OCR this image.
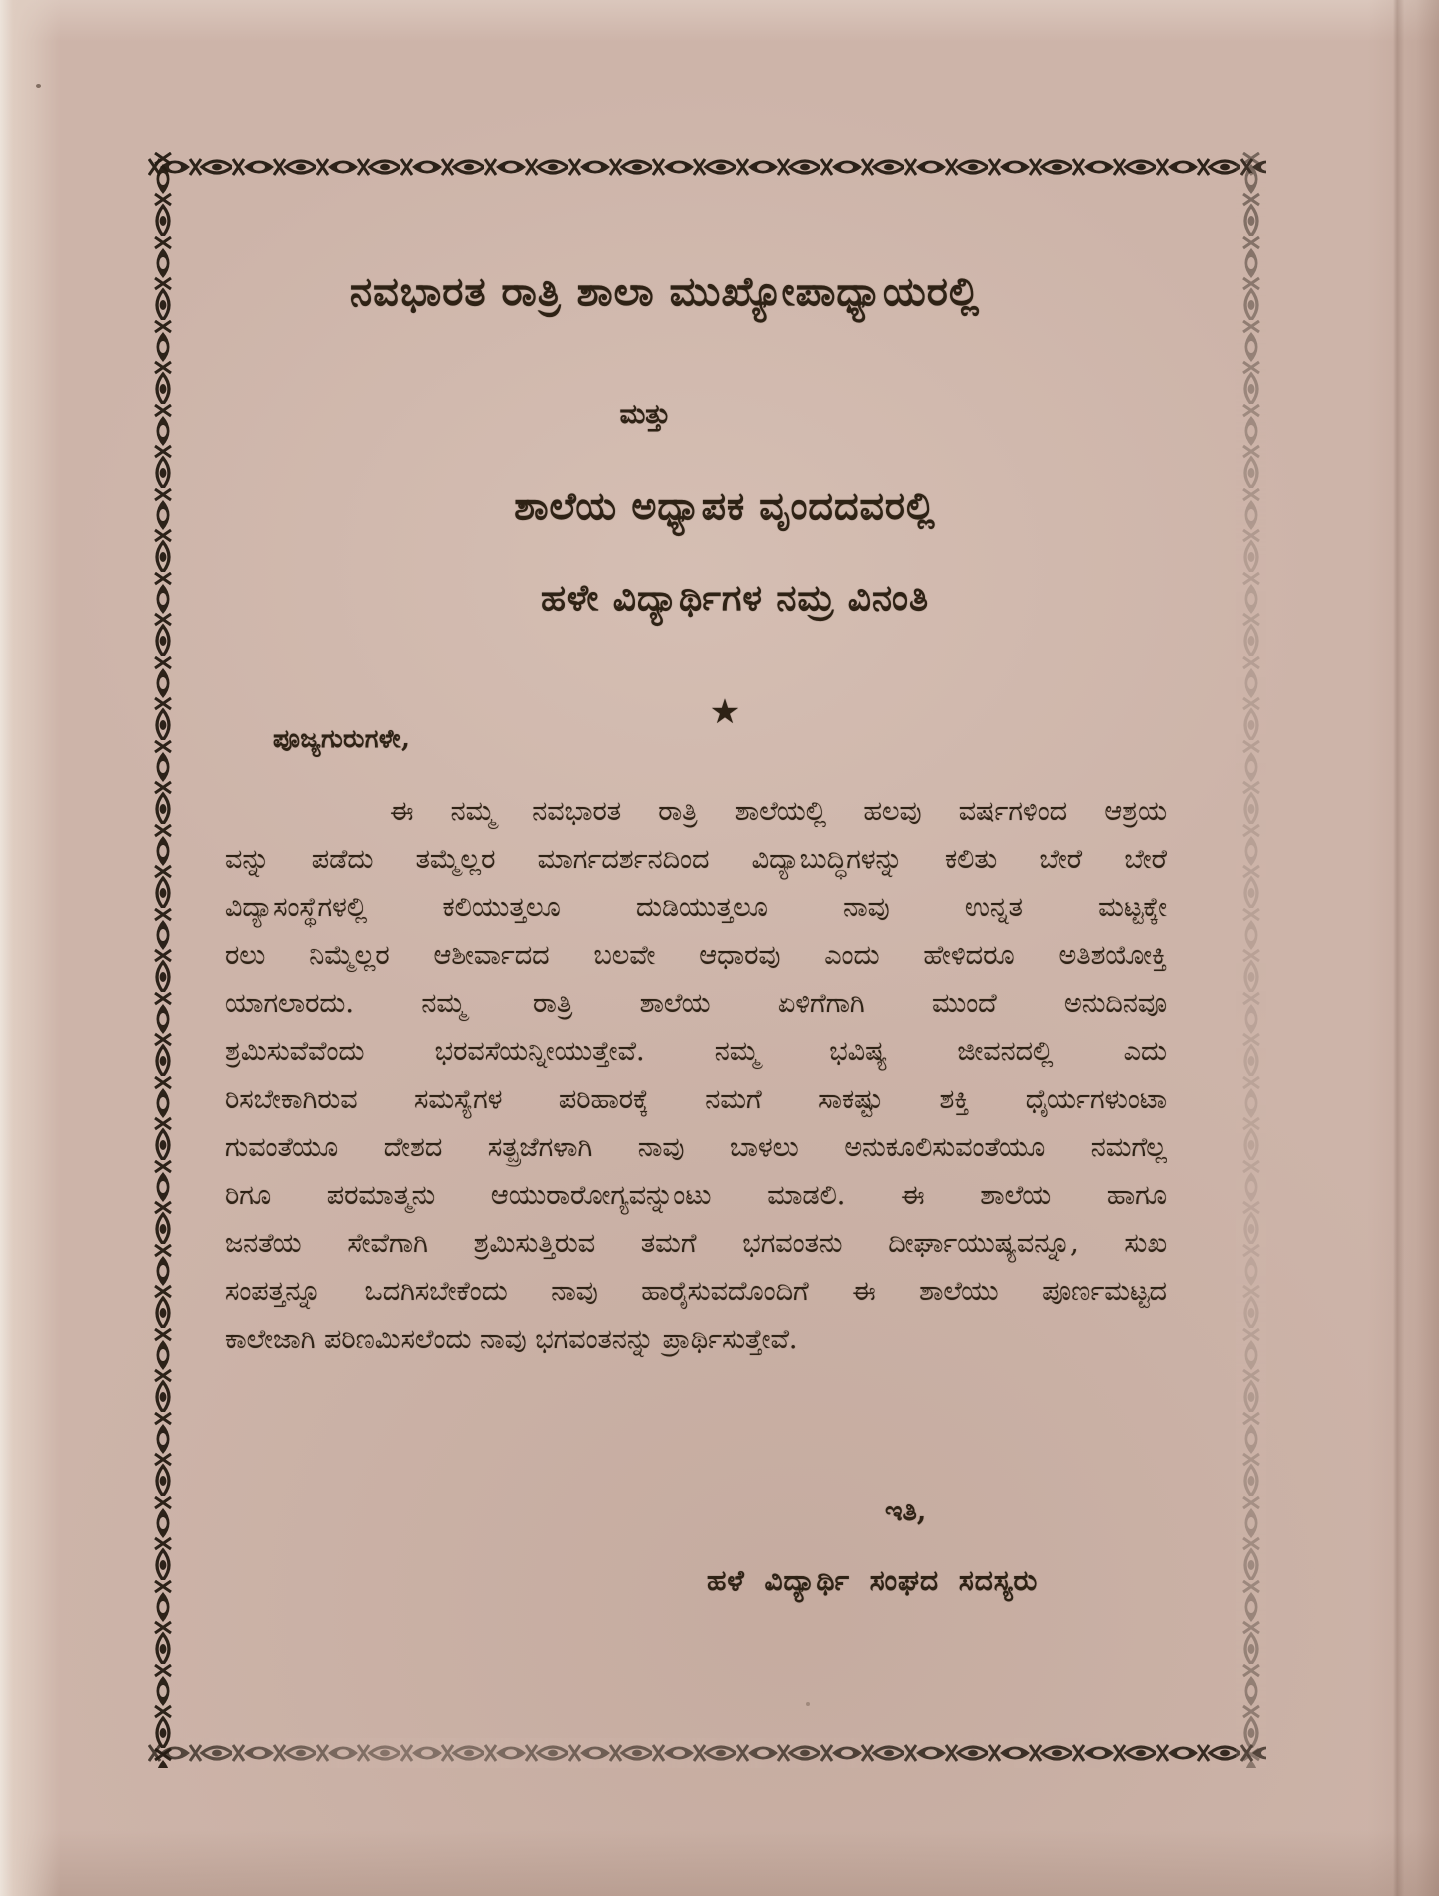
ನವಭಾರತ ರಾತ್ರಿ ಶಾಲಾ ಮುಖ್ಯೋಪಾಧ್ಯಾಯರಲ್ಲಿ
ಮತ್ತು
ಶಾಲೆಯ ಅಧ್ಯಾಪಕ ವೃಂದದವರಲ್ಲಿ
ಹಳೇ ವಿದ್ಯಾರ್ಥಿಗಳ ನಮ್ರ ವಿನಂತಿ
★
ಪೂಜ್ಯಗುರುಗಳೇ,
ಈ ನಮ್ಮ ನವಭಾರತ ರಾತ್ರಿ ಶಾಲೆಯಲ್ಲಿ ಹಲವು ವರ್ಷಗಳಿಂದ ಆಶ್ರಯ
ವನ್ನು ಪಡೆದು ತಮ್ಮೆಲ್ಲರ ಮಾರ್ಗದರ್ಶನದಿಂದ ವಿದ್ಯಾಬುದ್ಧಿಗಳನ್ನು ಕಲಿತು ಬೇರೆ ಬೇರೆ
ವಿದ್ಯಾಸಂಸ್ಥೆಗಳಲ್ಲಿ ಕಲಿಯುತ್ತಲೂ ದುಡಿಯುತ್ತಲೂ ನಾವು ಉನ್ನತ ಮಟ್ಟಕ್ಕೇ
ರಲು ನಿಮ್ಮೆಲ್ಲರ ಆಶೀರ್ವಾದದ ಬಲವೇ ಆಧಾರವು ಎಂದು ಹೇಳಿದರೂ ಅತಿಶಯೋಕ್ತಿ
ಯಾಗಲಾರದು. ನಮ್ಮ ರಾತ್ರಿ ಶಾಲೆಯ ಏಳಿಗೆಗಾಗಿ ಮುಂದೆ ಅನುದಿನವೂ
ಶ್ರಮಿಸುವೆವೆಂದು ಭರವಸೆಯನ್ನೀಯುತ್ತೇವೆ. ನಮ್ಮ ಭವಿಷ್ಯ ಜೀವನದಲ್ಲಿ ಎದು
ರಿಸಬೇಕಾಗಿರುವ ಸಮಸ್ಯೆಗಳ ಪರಿಹಾರಕ್ಕೆ ನಮಗೆ ಸಾಕಷ್ಟು ಶಕ್ತಿ ಧೈರ್ಯಗಳುಂಟಾ
ಗುವಂತೆಯೂ ದೇಶದ ಸತ್ಪ್ರಜೆಗಳಾಗಿ ನಾವು ಬಾಳಲು ಅನುಕೂಲಿಸುವಂತೆಯೂ ನಮಗೆಲ್ಲ
ರಿಗೂ ಪರಮಾತ್ಮನು ಆಯುರಾರೋಗ್ಯವನ್ನುಂಟು ಮಾಡಲಿ. ಈ ಶಾಲೆಯ ಹಾಗೂ
ಜನತೆಯ ಸೇವೆಗಾಗಿ ಶ್ರಮಿಸುತ್ತಿರುವ ತಮಗೆ ಭಗವಂತನು ದೀರ್ಘಾಯುಷ್ಯವನ್ನೂ, ಸುಖ
ಸಂಪತ್ತನ್ನೂ ಒದಗಿಸಬೇಕೆಂದು ನಾವು ಹಾರೈಸುವದೊಂದಿಗೆ ಈ ಶಾಲೆಯು ಪೂರ್ಣಮಟ್ಟದ
ಕಾಲೇಜಾಗಿ ಪರಿಣಮಿಸಲೆಂದು ನಾವು ಭಗವಂತನನ್ನು ಪ್ರಾರ್ಥಿಸುತ್ತೇವೆ.
ಇತಿ,
ಹಳೆ ವಿದ್ಯಾರ್ಥಿ ಸಂಘದ ಸದಸ್ಯರು
